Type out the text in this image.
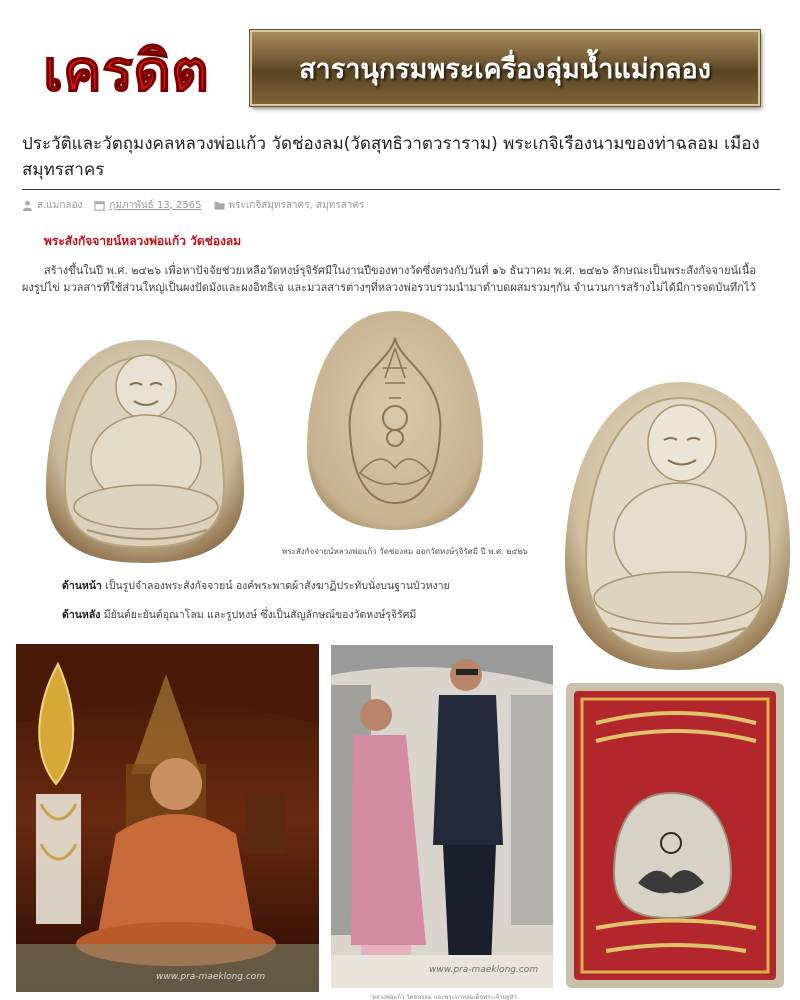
เครดิต	สารานุกรมพระเครื่องลุ่มน้ำแม่กลอง
ประวัติและวัตถุมงคลหลวงพ่อแก้ว วัดช่องลม(วัดสุทธิวาตวราราม) พระเกจิเรืองนามของท่าฉลอม เมืองสมุทรสาคร
ส.แม่กลอง	กุมภาพันธ์ 13, 2565	พระเกจิสมุทรสาคร, สมุทรสาคร
พระสังกัจจายน์หลวงพ่อแก้ว วัดช่องลม

สร้างขึ้นในปี พ.ศ. ๒๔๒๖ เพื่อหาปัจจัยช่วยเหลือวัดหงษ์รุจิรัศมีในงานปีของทางวัดซึ่งตรงกับวันที่ ๑๖ ธันวาคม พ.ศ. ๒๔๒๖ ลักษณะเป็นพระสังกัจจายน์เนื้อผงรูปไข่ มวลสารที่ใช้ส่วนใหญ่เป็นผงปัดมังและผงอิทธิเจ และมวลสารต่างๆที่หลวงพ่อรวบรวมนำมาตำบดผสมรวมๆกัน จำนวนการสร้างไม่ได้มีการจดบันทึกไว้

พระสังกัจจายน์หลวงพ่อแก้ว วัดช่องลม ออกวัดหงษ์รุจิรัศมี ปี พ.ศ. ๒๔๒๖
ด้านหน้า เป็นรูปจำลองพระสังกัจจายน์ องค์พระพาดผ้าสังฆาฏิประทับนั่งบนฐานบัวหงาย
ด้านหลัง มียันต์ยะยันต์อุณาโลม และรูปหงษ์ ซึ่งเป็นสัญลักษณ์ของวัดหงษ์รุจิรัศมี
www.pra-maeklong.com
www.pra-maeklong.com
หลวงพ่อแก้ว วัดช่องลม และพระบาทสมเด็จพระเจ้าอยู่หัว
